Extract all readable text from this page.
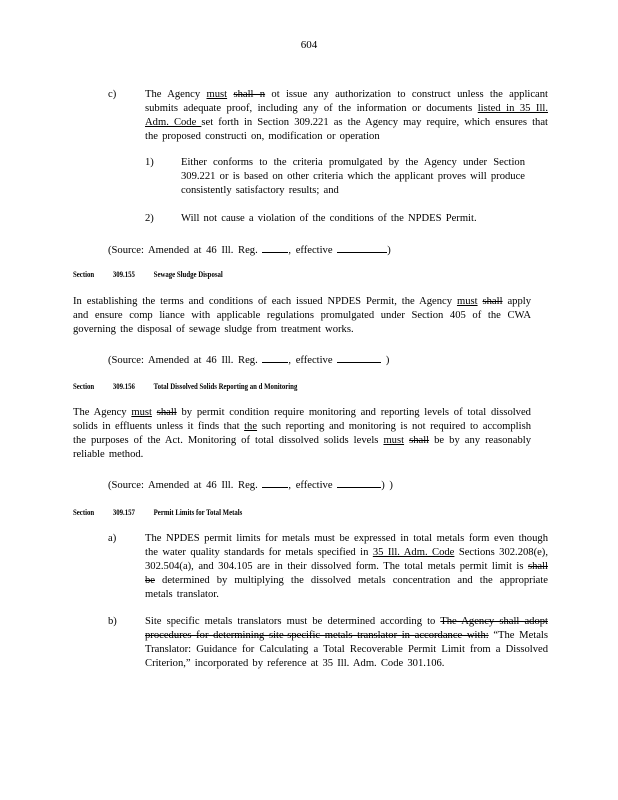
604
c)	The Agency must shall n ot issue any authorization to construct unless the applicant submits adequate proof, including any of the information or documents listed in 35 Ill. Adm. Code set forth in Section 309.221 as the Agency may require, which ensures that the proposed constructi on, modification or operation
1)	Either conforms to the criteria promulgated by the Agency under Section 309.221 or is based on other criteria which the applicant proves will produce consistently satisfactory results; and
2)	Will not cause a violation of the conditions of the NPDES Permit.
(Source: Amended at 46 Ill. Reg.	, effective	)
Section 309.155 Sewage Sludge Disposal
In establishing the terms and conditions of each issued NPDES Permit, the Agency must shall apply and ensure comp liance with applicable regulations promulgated under Section 405 of the CWA governing the disposal of sewage sludge from treatment works.
(Source: Amended at 46 Ill. Reg.	, effective	)
Section 309.156 Total Dissolved Solids Reporting an d Monitoring
The Agency must shall by permit condition require monitoring and reporting levels of total dissolved solids in effluents unless it finds that the such reporting and monitoring is not required to accomplish the purposes of the Act. Monitoring of total dissolved solids levels must shall be by any reasonably reliable method.
(Source: Amended at 46 Ill. Reg.	, effective	) )
Section 309.157 Permit Limits for Total Metals
a)	The NPDES permit limits for metals must be expressed in total metals form even though the water quality standards for metals specified in 35 Ill. Adm. Code Sections 302.208(e), 302.504(a), and 304.105 are in their dissolved form. The total metals permit limit is shall be determined by multiplying the dissolved metals concentration and the appropriate metals translator.
b)	Site specific metals translators must be determined according to The Agency shall adopt procedures for determining site-specific metals translator in accordance with: “The Metals Translator: Guidance for Calculating a Total Recoverable Permit Limit from a Dissolved Criterion,” incorporated by reference at 35 Ill. Adm. Code 301.106.
